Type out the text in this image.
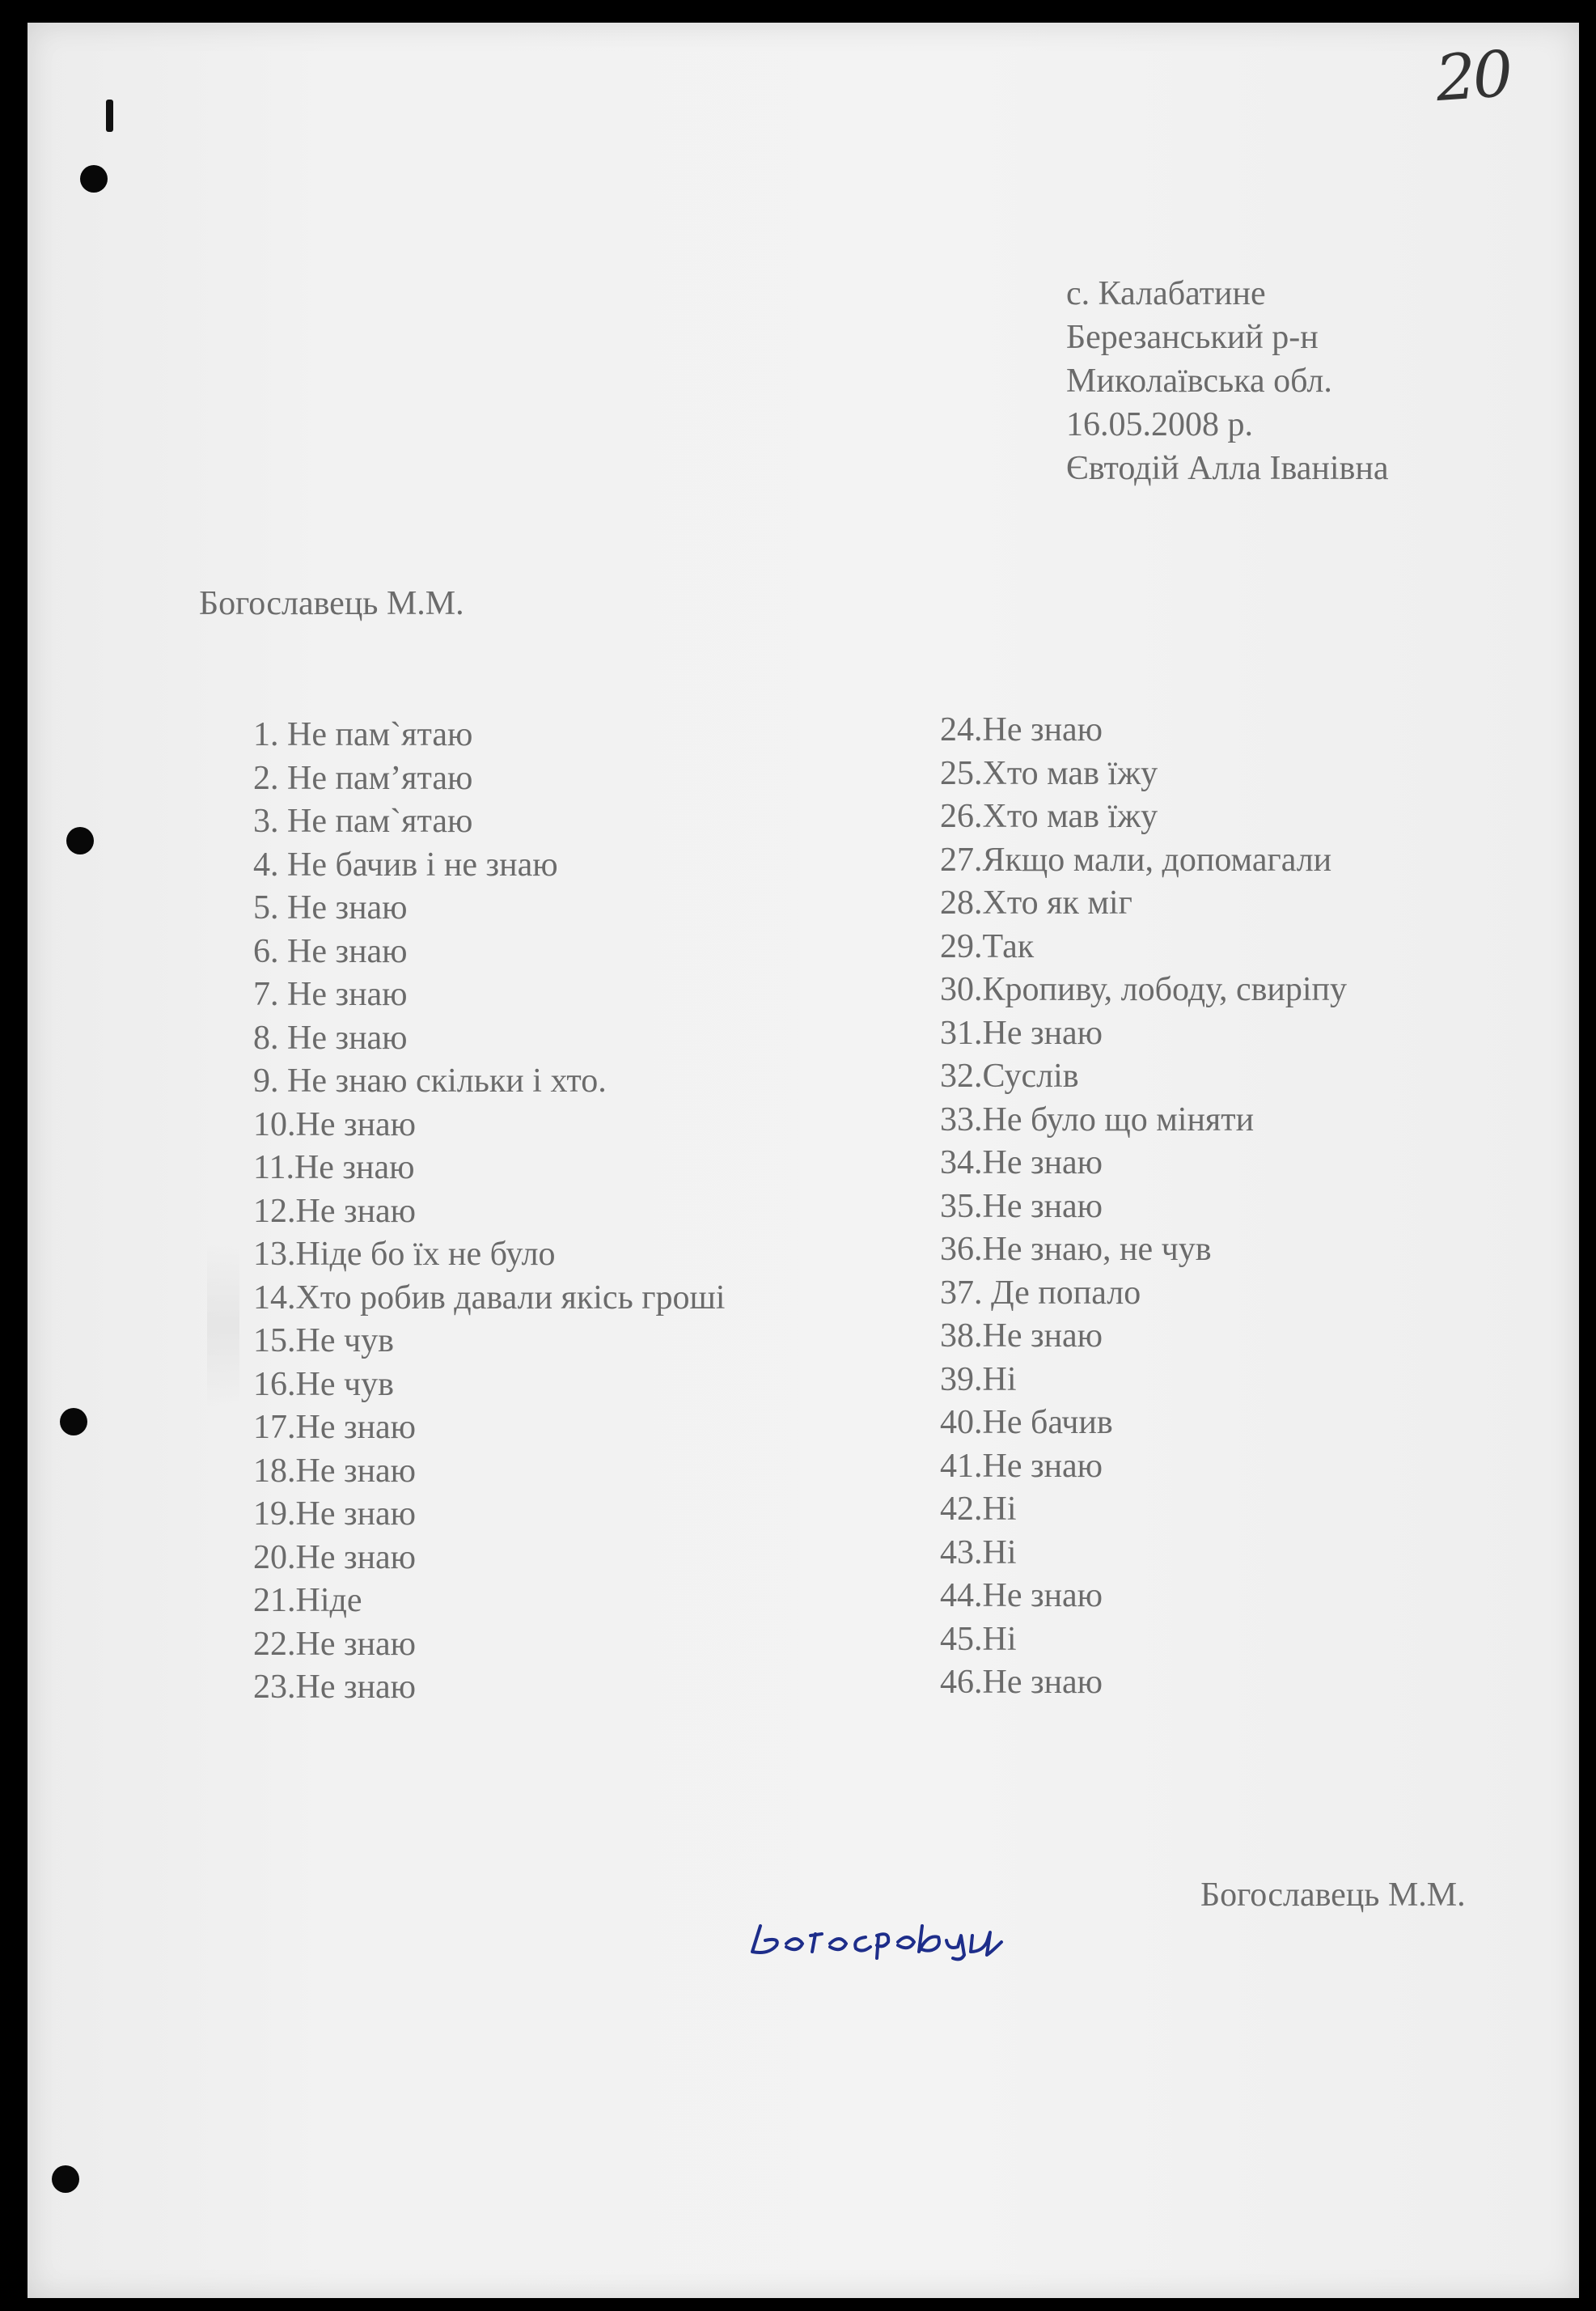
20
с. Калабатине
Березанський р-н
Миколаївська обл.
16.05.2008 р.
Євтодій Алла Іванівна
Богославець М.М.
1. Не пам`ятаю
2. Не пам’ятаю
3. Не пам`ятаю
4. Не бачив і не знаю
5. Не знаю
6. Не знаю
7. Не знаю
8. Не знаю
9. Не знаю скільки і хто.
10.Не знаю
11.Не знаю
12.Не знаю
13.Ніде бо їх не було
14.Хто робив давали якісь гроші
15.Не чув
16.Не чув
17.Не знаю
18.Не знаю
19.Не знаю
20.Не знаю
21.Ніде
22.Не знаю
23.Не знаю
24.Не знаю
25.Хто мав їжу
26.Хто мав їжу
27.Якщо мали, допомагали
28.Хто як міг
29.Так
30.Кропиву, лободу, свиріпу
31.Не знаю
32.Суслів
33.Не було що міняти
34.Не знаю
35.Не знаю
36.Не знаю, не чув
37. Де попало
38.Не знаю
39.Ні
40.Не бачив
41.Не знаю
42.Ні
43.Ні
44.Не знаю
45.Ні
46.Не знаю
Богославець М.М.
